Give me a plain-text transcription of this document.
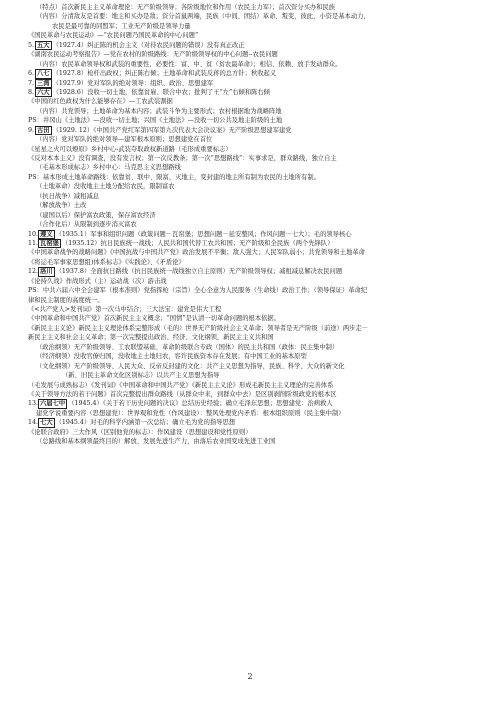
（特点）首次新民主主义革命理论：无产阶级领导；各阶级地位和作用（农民主力军）；首次资分买办和民族
（内容）分清敌友是首要：地主和买办是敌；资分首鼠两端，民族（中间、团结）革命、叛变，彼此，小资是基本动力，
农民是最可靠的同盟军；工业无产阶级是领导力量
《国民革命与农民运动》—“农民问题乃国民革命的中心问题”
5. 五大 （1927.4）纠正陈的机会主义（对待农民问题的错误）没有真正改正
《湖南农民运动考察报告》—党在农村的阶级路线：无产阶级领导权的中心问题--农民问题
（内容）农民革命领导权和武装的重要性，必要性：富、中、贫（贫农最革命）；相信、依赖、放手发动群众。
6. 八七 （1927.8）枪杆出政权；纠正陈右倾；土地革命和武装反蒋的总方针；秋收起义
7. 三湾 （1927.9）党对军队的绝对领导：组织、政治、思想建军
8. 六大 （1928.6）没收一切土地，依靠贫雇、联合中农；批判了王“左”右倾和陈右倾
《中国的红色政权为什么能够存在》—工农武装割据
（内容）共党领导；土地革命为基本内容；武装斗争为主要形式；农村根据地为战略阵地
PS：井冈山《土地法》—没收一切土地；兴国《土地法》—没收一切公共及地主阶级的土地
9. 古田 （1929. 12）《中国共产党红军第四军第九次代表大会决议案》无产阶级思想建军建党
（内容）党对军队的绝对领导—建军根本原则；思想建党在首位
《星星之火可以燎原》乡村中心-武装夺取政权新道路（毛形成重要标志）
《反对本本主义》没有调查，没有发言权；第一次反教条；第一次“思想路线”：实事求是，群众路线，独立自主
（毛基本形成标志）乡村中心：马克思主义思想路线
PS：基本形成土地革命路线：依靠贫、联中、限富、灭地主，变封建的地主所有制为农民的土地所有制。
（土地革命）没收地主土地分配给农民，限制富农
（抗日战争）减租减息
（解放战争）土改
（建国以后）保护富农政策，保存富农经济
（合作化后）从限制到逐步消灭富农
10. 遵义 （1935.1）军事和组织问题（政策问题－瓦窑堡；思想问题－延安整风；作风问题－七大）；毛的领导核心
11. 瓦窑堡 （1935.12）抗日民族统一战线；人民共和国代替工农共和国；无产阶级和全民族（两个先锋队）
《中国革命战争的战略问题》《中国抗战与中国共产党》政治发展不平衡；敌人强大；人民军队弱小；共党领导和土地革命
《将运毛军事家思想组)体系标志》《实践论》、《矛盾论》
12. 洛川 （1937.8）全面抗日路线（抗日民族统一战线独立自主原则）无产阶级领导权；减租减息解决农民问题
《论持久战》作战形式（主）运动战（次）游击战
PS：中共六届六中全会建军（根本准则）党指挥枪（宗旨）全心全意为人民服务（生命线）政治工作；（领导保证）革命纪
律和民主制度的高度统一。
《<共产党人>发刊词》第一次马中结合；三大法宝：建党是伟大工程
《中国革命和中国共产党》首次新民主主义概念；“国情”是认清一切革命问题的根本依据。
《新民主主义论》新民主主义理论体系完整形成（毛的）世界无产阶级社会主义革命；领导者是无产阶级（前途）两步走－
新民主主义和社会主义革命；第一次完整提出政治、经济、文化纲领，新民主主义共和国
（政治纲领）无产阶级领导、工农联盟基础、革命阶级联合专政（国体）的民主共和国（政体：民主集中制）
（经济纲领）没收官僚归国，没收地主土地归农，容许民族资本存在发展；有中国工业的基本原型
（文化纲领）无产阶级领导、人民大众、反帝反封建的文化：共产主义思想为指导，民族、科学、大众的新文化
（新、旧民主革命文化区别标志）以共产主义思想为指导
（毛发展与成熟标志）《发刊词》《中国革命和中国共产党》《新民主主义论》形成毛新民主主义理论的完善体系
《关于领导方法的若干问题》首次完整提出群众路线（从群众中来，到群众中去）是区别剥削阶级政党的根本区
13. 六届七中 （1945.4）《关于若干历史问题的决议》总结历史经验；确立毛泽东思想；思想建党：治病救人
建党学说重要内容（思想建党）：世界观和党性（作风建设）：整风处理党内矛盾：根本组织原则（民主集中制）
14. 七大 （1945.4）对毛的科学内涵第一次总结；确立毛为党的指导思想
《论联合政府》三大作风（区别他党的标志）：作风建设（思想建设和党性原则）
（总路线和基本纲领最终目的）解放、发展先进生产力，由落后农业国变成先进工业国
2
